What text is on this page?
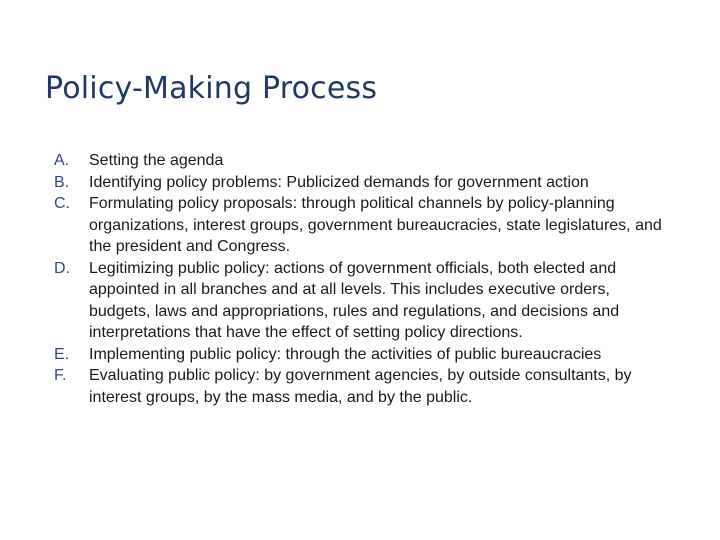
Policy-Making Process
A.	Setting the agenda
B.	Identifying policy problems: Publicized demands for government action
C.	Formulating policy proposals: through political channels by policy-planning organizations, interest groups, government bureaucracies, state legislatures, and the president and Congress.
D.	Legitimizing public policy: actions of government officials, both elected and appointed in all branches and at all levels. This includes executive orders, budgets, laws and appropriations, rules and regulations, and decisions and interpretations that have the effect of setting policy directions.
E.	Implementing public policy: through the activities of public bureaucracies
F.	Evaluating public policy: by government agencies, by outside consultants, by interest groups, by the mass media, and by the public.
